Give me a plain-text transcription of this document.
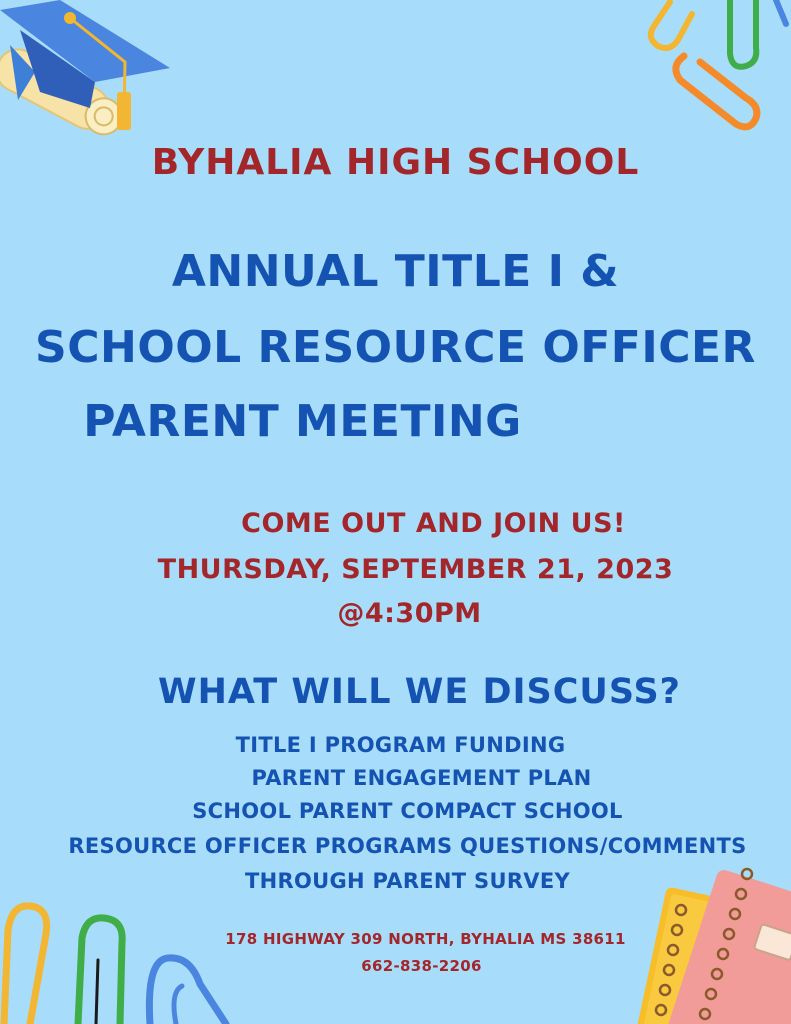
BYHALIA HIGH SCHOOL

ANNUAL TITLE I &

SCHOOL RESOURCE OFFICER

PARENT MEETING

COME OUT AND JOIN US!

THURSDAY, SEPTEMBER 21, 2023

@4:30PM

WHAT WILL WE DISCUSS?

TITLE I PROGRAM FUNDING

PARENT ENGAGEMENT PLAN

SCHOOL PARENT COMPACT SCHOOL

RESOURCE OFFICER PROGRAMS QUESTIONS/COMMENTS

THROUGH PARENT SURVEY

178 HIGHWAY 309 NORTH, BYHALIA MS 38611

662-838-2206
